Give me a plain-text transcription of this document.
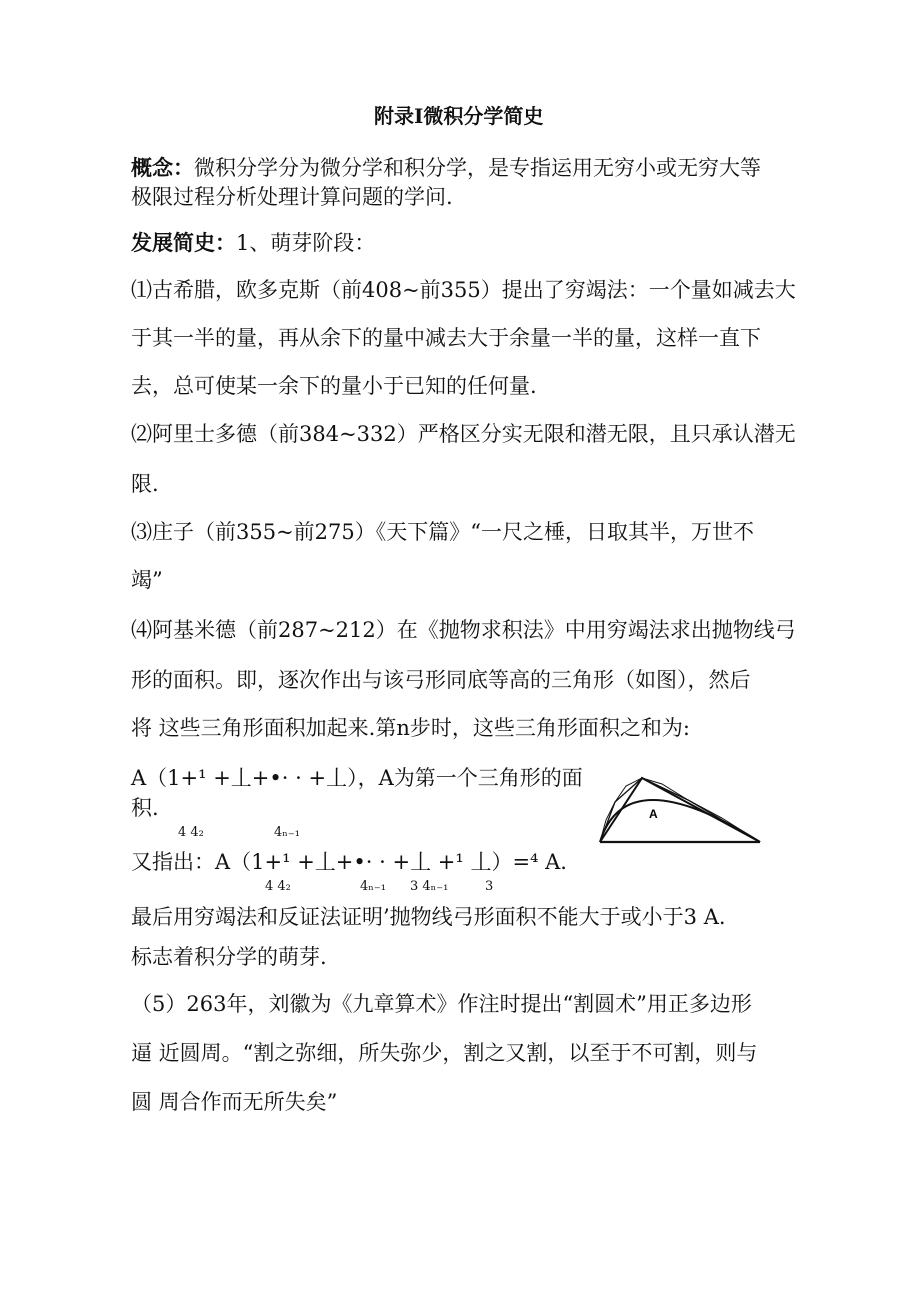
附录I微积分学简史
概念：微积分学分为微分学和积分学，是专指运用无穷小或无穷大等
极限过程分析处理计算问题的学问.
发展简史：1、萌芽阶段：
⑴古希腊，欧多克斯（前408~前355）提出了穷竭法：一个量如减去大
于其一半的量，再从余下的量中减去大于余量一半的量，这样一直下
去，总可使某一余下的量小于已知的任何量.
⑵阿里士多德（前384~332）严格区分实无限和潜无限，且只承认潜无
限.
⑶庄子（前355~前275）《天下篇》“一尺之棰，日取其半，万世不
竭”
⑷阿基米德（前287~212）在《抛物求积法》中用穷竭法求出抛物线弓
形的面积。即，逐次作出与该弓形同底等高的三角形（如图），然后
将 这些三角形面积加起来.第n步时，这些三角形面积之和为:
A（1+¹ +丄+•· · +丄），A为第一个三角形的面
积.
4 4₂	4ₙ₋₁
又指出：A（1+¹ +丄+•· · +丄 +¹ 丄）=⁴ A.
4 4₂	4ₙ₋₁ 3 4ₙ₋₁	3
最后用穷竭法和反证法证明’抛物线弓形面积不能大于或小于3 A.
标志着积分学的萌芽.
（5）263年，刘徽为《九章算术》作注时提出“割圆术”用正多边形
逼 近圆周。“割之弥细，所失弥少，割之又割，以至于不可割，则与
圆 周合作而无所失矣”
A
